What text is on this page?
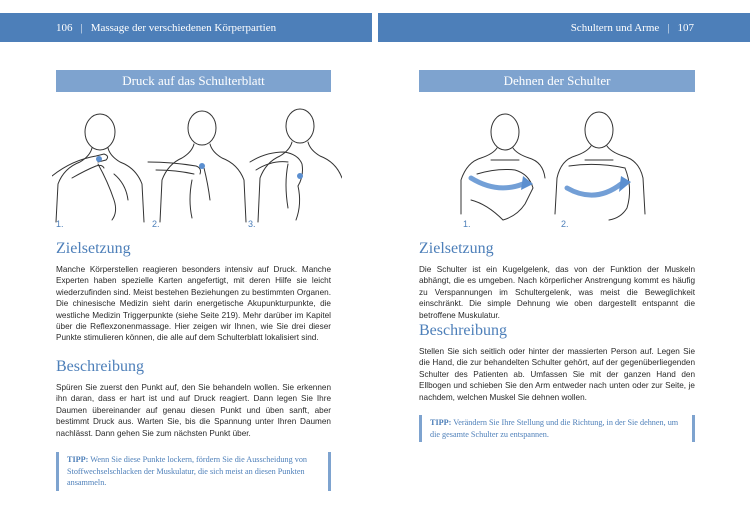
106 | Massage der verschiedenen Körperpartien	Schultern und Arme | 107
Druck auf das Schulterblatt
1.	2.	3.
Zielsetzung
Manche Körperstellen reagieren besonders intensiv auf Druck. Manche Experten haben spezielle Karten angefertigt, mit deren Hilfe sie leicht wiederzufinden sind. Meist bestehen Beziehungen zu bestimmten Organen. Die chinesische Medizin sieht darin energetische Akupunkturpunkte, die westliche Medizin Triggerpunkte (siehe Seite 219). Mehr darüber im Kapitel über die Reflexzonenmassage. Hier zeigen wir Ihnen, wie Sie drei dieser Punkte stimulieren können, die alle auf dem Schulterblatt lokalisiert sind.
Beschreibung
Spüren Sie zuerst den Punkt auf, den Sie behandeln wollen. Sie erkennen ihn daran, dass er hart ist und auf Druck reagiert. Dann legen Sie Ihre Daumen übereinander auf genau diesen Punkt und üben sanft, aber bestimmt Druck aus. Warten Sie, bis die Spannung unter Ihren Daumen nachlässt. Dann gehen Sie zum nächsten Punkt über.
TIPP: Wenn Sie diese Punkte lockern, fördern Sie die Ausscheidung von Stoffwechselschlacken der Muskulatur, die sich meist an diesen Punkten ansammeln.
Dehnen der Schulter
1.	2.
Zielsetzung
Die Schulter ist ein Kugelgelenk, das von der Funktion der Muskeln abhängt, die es umgeben. Nach körperlicher Anstrengung kommt es häufig zu Verspannungen im Schultergelenk, was meist die Beweglichkeit einschränkt. Die simple Dehnung wie oben dargestellt entspannt die betroffene Muskulatur.
Beschreibung
Stellen Sie sich seitlich oder hinter der massierten Person auf. Legen Sie die Hand, die zur behandelten Schulter gehört, auf der gegenüberliegenden Schulter des Patienten ab. Umfassen Sie mit der ganzen Hand den Ellbogen und schieben Sie den Arm entweder nach unten oder zur Seite, je nachdem, welchen Muskel Sie dehnen wollen.
TIPP: Verändern Sie Ihre Stellung und die Richtung, in der Sie dehnen, um die gesamte Schulter zu entspannen.
